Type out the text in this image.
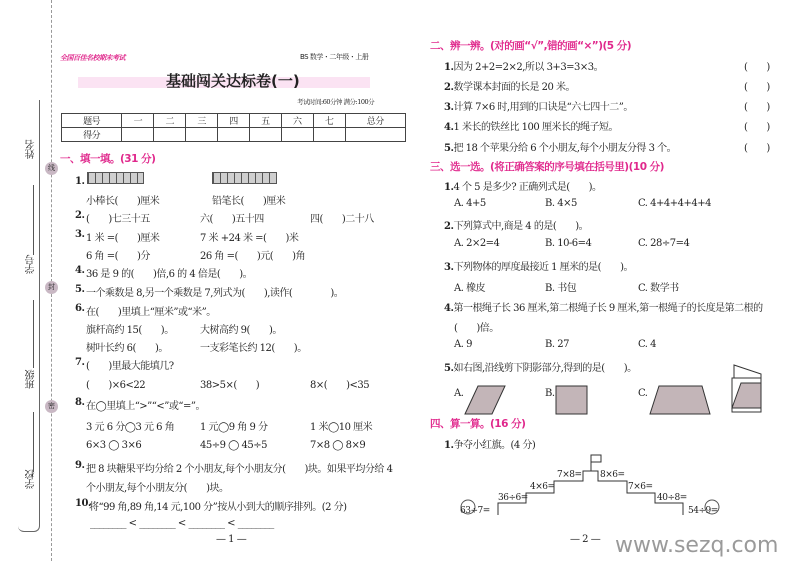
姓名
学号
班级
学校
线
封
密
全国百佳名校期末考试	BS 数学・二年级・上册
基础闯关达标卷(一)
考试时间:60分钟 满分:100分
题号	一	二	三	四	五	六	七	总分
得分								
一、填一填。(31 分)
1.
小棒长(　　)厘米	铅笔长(　　)厘米
2. (　　)七三十五	六(　　)五十四	四(　　)二十八
3. 1 米 =(　　)厘米	7 米 +24 米 =(　　)米
6 角 =(　　)分	26 角 =(　　)元(　　)角
4. 36 是 9 的(　　)倍,6 的 4 倍是(　　)。
5. 一个乘数是 8,另一个乘数是 7,列式为(　　),读作(　　　　)。
6. 在(　　)里填上“厘米”或“米”。
旗杆高约 15(　　)。	大树高约 9(　　)。
树叶长约 6(　　)。	一支彩笔长约 12(　　)。
7. (　　)里最大能填几?
(　　)×6<22	38>5×(　　)	8×(　　)<35
8. 在◯里填上“>”“<”或“=”。
3 元 6 分◯3 元 6 角	1 元◯9 角 9 分	1 米◯10 厘米
6×3 ◯ 3×6	45÷9 ◯ 45÷5	7×8 ◯ 8×9
9. 把 8 块糖果平均分给 2 个小朋友,每个小朋友分(　　)块。如果平均分给 4
个小朋友,每个小朋友分(　　)块。
10.
将“99 角,89 角,14 元,100 分”按从小到大的顺序排列。(2 分)
________ < ________ < ________ < ________
— 1 —
二、辨一辨。(对的画“√”,错的画“×”)(5 分)
1.因为 2+2=2×2,所以 3+3=3×3。	(　　)
2.数学课本封面的长是 20 米。	(　　)
3.计算 7×6 时,用到的口诀是“六七四十二”。	(　　)
4.1 米长的铁丝比 100 厘米长的绳子短。	(　　)
5.把 18 个苹果分给 6 个小朋友,每个小朋友分得 3 个。	(　　)
三、选一选。(将正确答案的序号填在括号里)(10 分)
1.4 个 5 是多少? 正确列式是(　　)。
A. 4+5	B. 4×5	C. 4+4+4+4+4
2.下列算式中,商是 4 的是(　　)。
A. 2×2=4	B. 10-6=4	C. 28÷7=4
3.下列物体的厚度最接近 1 厘米的是(　　)。
A. 橡皮	B. 书包	C. 数学书
4.第一根绳子长 36 厘米,第二根绳子长 9 厘米,第一根绳子的长度是第二根的
(　　)倍。
A. 9	B. 27	C. 4
5.如右图,沿线剪下阴影部分,得到的是(　　)。
A.	B.	C.
四、算一算。(16 分)
1.争夺小红旗。(4 分)
63÷7=
36÷6=
4×6=
7×8= 8×6=
7×6=
40÷8=
54÷9=
— 2 — www.sezq.com
